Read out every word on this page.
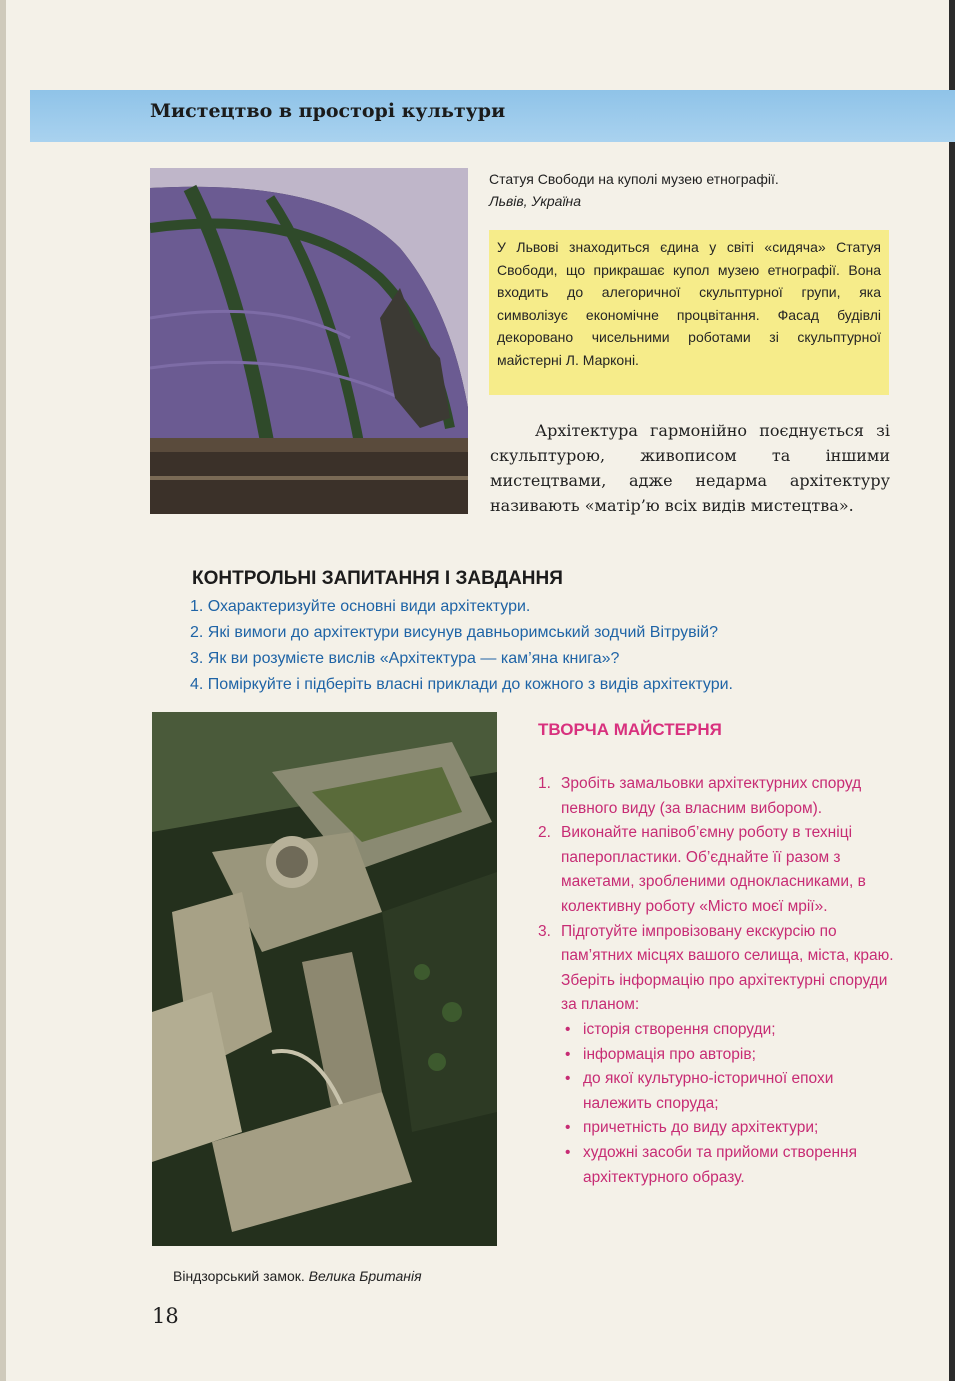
Мистецтво в просторі культури
Статуя Свободи на куполі музею етнографії.
Львів, Україна
У Львові знаходиться єдина у світі «сидяча» Статуя Свободи, що прикрашає купол музею етнографії. Вона входить до алегоричної скульптурної групи, яка символізує економічне процвітання. Фасад будівлі декоровано чисельними роботами зі скульптурної майстерні Л. Марконі.
Архітектура гармонійно поєднується зі скульптурою, живописом та іншими мистецтвами, адже недарма архітектуру називають «матір’ю всіх видів мистецтва».
КОНТРОЛЬНІ ЗАПИТАННЯ І ЗАВДАННЯ
1. Охарактеризуйте основні види архітектури.
2. Які вимоги до архітектури висунув давньоримський зодчий Вітрувій?
3. Як ви розумієте вислів «Архітектура — кам’яна книга»?
4. Поміркуйте і підберіть власні приклади до кожного з видів архітектури.
Віндзорський замок. Велика Британія
ТВОРЧА МАЙСТЕРНЯ
1. Зробіть замальовки архітектурних споруд певного виду (за власним вибором).
2. Виконайте напівоб’ємну роботу в техніці паперопластики. Об’єднайте її разом з макетами, зробленими однокласниками, в колективну роботу «Місто моєї мрії».
3. Підготуйте імпровізовану екскурсію по пам’ятних місцях вашого селища, міста, краю. Зберіть інформацію про архітектурні споруди за планом:
• історія створення споруди;
• інформація про авторів;
• до якої культурно-історичної епохи належить споруда;
• причетність до виду архітектури;
• художні засоби та прийоми створення архітектурного образу.
18
